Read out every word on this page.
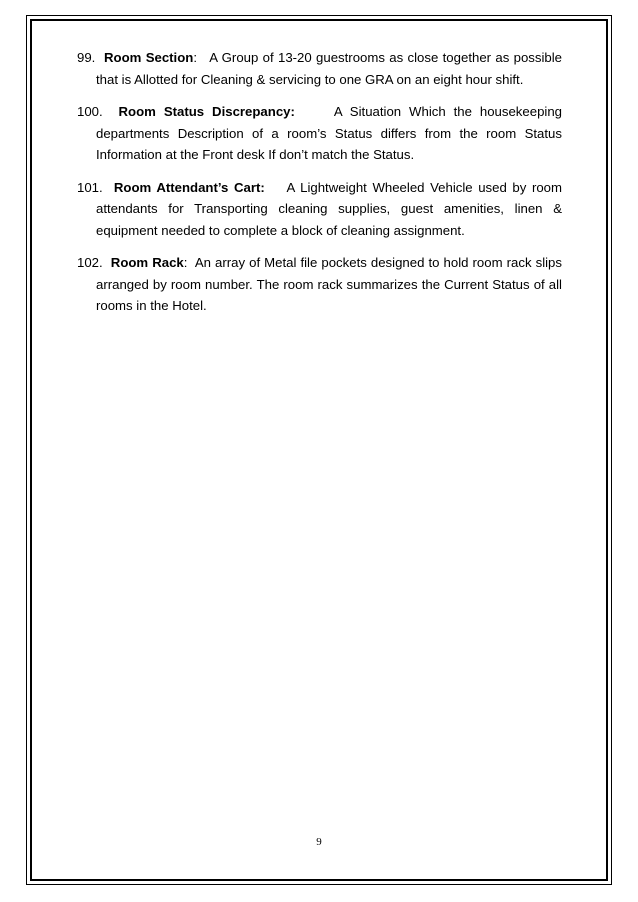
99. Room Section: A Group of 13-20 guestrooms as close together as possible that is Allotted for Cleaning & servicing to one GRA on an eight hour shift.

100. Room Status Discrepancy:	A Situation Which the housekeeping departments Description of a room’s Status differs from the room Status Information at the Front desk If don’t match the Status.

101. Room Attendant’s Cart: A Lightweight Wheeled Vehicle used by room attendants for Transporting cleaning supplies, guest amenities, linen & equipment needed to complete a block of cleaning assignment.

102. Room Rack: An array of Metal file pockets designed to hold room rack slips arranged by room number. The room rack summarizes the Current Status of all rooms in the Hotel.

9
